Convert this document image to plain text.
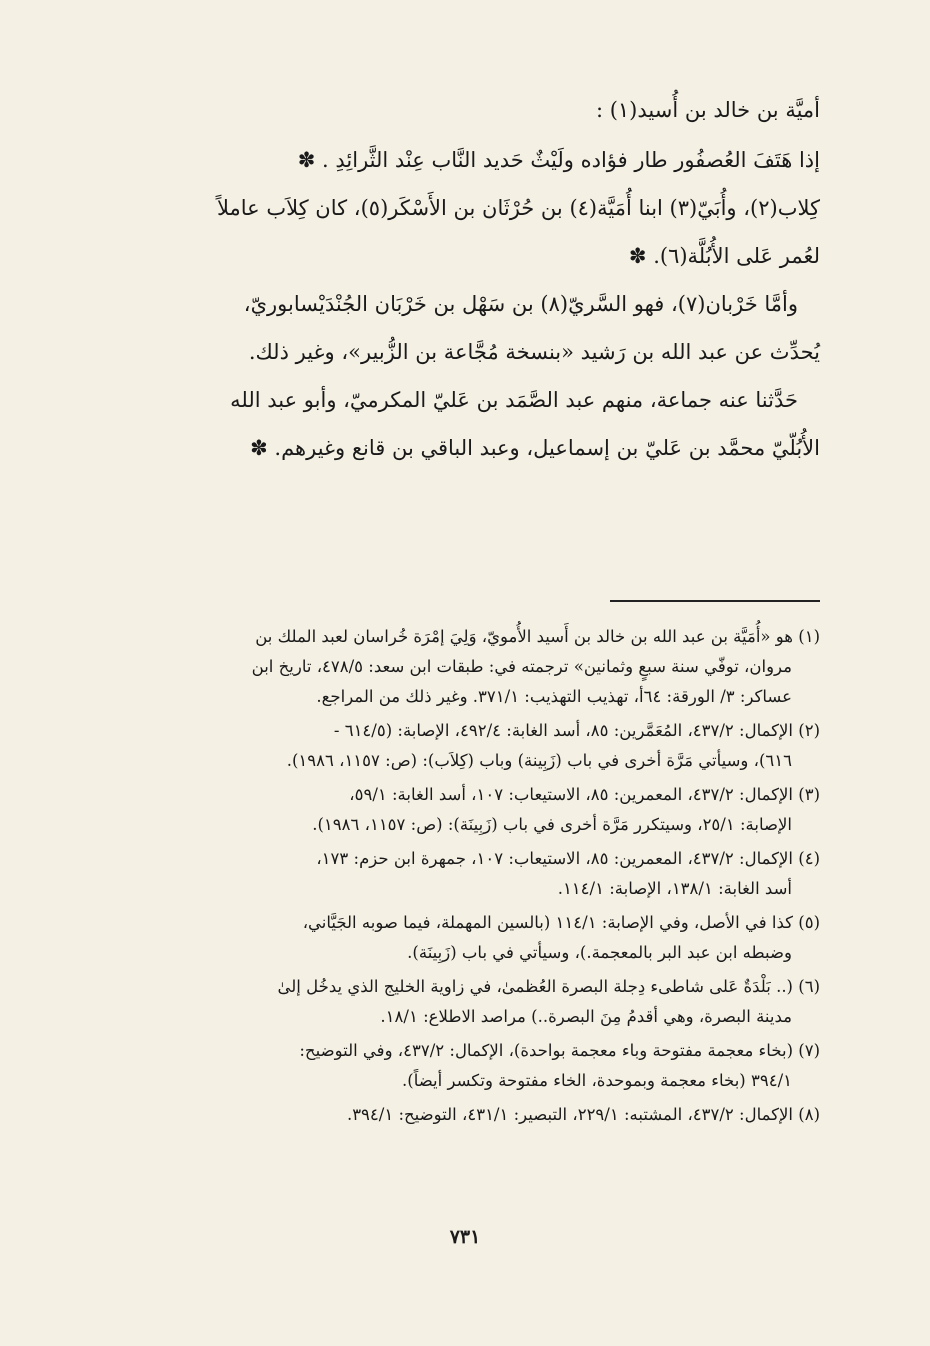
أميَّة بن خالد بن أُسيد(١) :
إذا هَتَفَ العُصفُور طار فؤاده ولَيْثٌ حَديد النَّاب عِنْد الثَّرائِدِ . ✽
كِلاب(٢)، وأُبَيّ(٣) ابنا أُمَيَّة(٤) بن حُرْثَان بن الأَسْكَر(٥)، كان كِلاَب عاملاً
لعُمر عَلى الأُبُلَّة(٦). ✽
وأمَّا خَرْبان(٧)، فهو السَّريّ(٨) بن سَهْل بن خَرْبَان الجُنْدَيْسابوريّ،
يُحدِّث عن عبد الله بن رَشيد «بنسخة مُجَّاعة بن الزُّبير»، وغير ذلك.
حَدَّثنا عنه جماعة، منهم عبد الصَّمَد بن عَليّ المكرميّ، وأبو عبد الله
الأُبُلّيّ محمَّد بن عَليّ بن إسماعيل، وعبد الباقي بن قانع وغيرهم. ✽
(١) هو «أُمَيَّة بن عبد الله بن خالد بن أَسيد الأُمويّ، وَلِيَ إمْرَة خُراسان لعبد الملك بن
مروان، توفّي سنة سبعٍ وثمانين» ترجمته في: طبقات ابن سعد: ٤٧٨/٥، تاريخ ابن
عساكر: ٣/ الورقة: ٦٤أ، تهذيب التهذيب: ٣٧١/١. وغير ذلك من المراجع.
(٢) الإكمال: ٤٣٧/٢، المُعَمَّرين: ٨٥، أسد الغابة: ٤٩٢/٤، الإصابة: (٦١٤/٥ -
٦١٦)، وسيأتي مَرَّة أخرى في باب (زَبِينة) وباب (كِلاَب): (ص: ١١٥٧، ١٩٨٦).
(٣) الإكمال: ٤٣٧/٢، المعمرين: ٨٥، الاستيعاب: ١٠٧، أسد الغابة: ٥٩/١،
الإصابة: ٢٥/١، وسيتكرر مَرَّة أخرى في باب (زَبِينَة): (ص: ١١٥٧، ١٩٨٦).
(٤) الإكمال: ٤٣٧/٢، المعمرين: ٨٥، الاستيعاب: ١٠٧، جمهرة ابن حزم: ١٧٣،
أسد الغابة: ١٣٨/١، الإصابة: ١١٤/١.
(٥) كذا في الأصل، وفي الإصابة: ١١٤/١ (بالسين المهملة، فيما صوبه الجَيَّاني،
وضبطه ابن عبد البر بالمعجمة.)، وسيأتي في باب (زَبِينَة).
(٦) (.. بَلْدَةٌ عَلى شاطىء دِجلة البصرة العُظمىٰ، في زاوية الخليج الذي يدخُل إلىٰ
مدينة البصرة، وهي أقدمُ مِنَ البصرة..) مراصد الاطلاع: ١٨/١.
(٧) (بخاء معجمة مفتوحة وباء معجمة بواحدة)، الإكمال: ٤٣٧/٢، وفي التوضيح:
٣٩٤/١ (بخاء معجمة وبموحدة، الخاء مفتوحة وتكسر أيضاً).
(٨) الإكمال: ٤٣٧/٢، المشتبه: ٢٢٩/١، التبصير: ٤٣١/١، التوضيح: ٣٩٤/١.
٧٣١
